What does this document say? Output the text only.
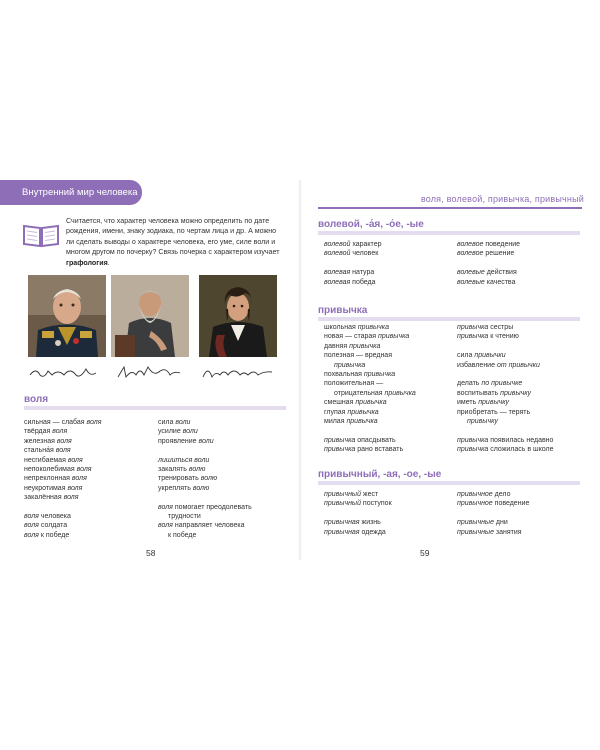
Внутренний мир человека
Считается, что характер человека можно определить по дате рождения, имени, знаку зодиака, по чертам лица и др. А можно ли сделать выводы о характере человека, его уме, силе воли и многом другом по почерку? Связь почерка с характером изучает графология.
воля
сильная — слабая воля
твёрдая воля
железная воля
стальна́я воля
несгибаемая воля
непоколебимая воля
непреклонная воля
неукротимая воля
закалённая воля
воля человека
воля солдата
воля к победе
сила воли
усилие воли
проявление воли
лишиться воли
закалять волю
тренировать волю
укреплять волю
воля помогает преодолевать
трудности
воля направляет человека
к победе
58
воля, волевой, привычка, привычный
волевой, -а́я, -о́е, -ые
волевой характер
волевой человек
волевая натура
волевая победа
волевое поведение
волевое решение
волевые действия
волевые качества
привычка
школьная привычка
новая — старая привычка
давняя привычка
полезная — вредная
привычка
похвальная привычка
положительная —
отрицательная привычка
смешная привычка
глупая привычка
милая привычка
привычка опасдывать
привычка рано вставать
привычка сестры
привычка к чтению
сила привычки
избавление от привычки
делать по привычке
воспитывать привычку
иметь привычку
приобретать — терять
привычку
привычка появилась недавно
привычка сложилась в школе
привычный, -ая, -ое, -ые
привычный жест
привычный поступок
привычная жизнь
привычная одежда
привычное дело
привычное поведение
привычные дни
привычные занятия
59
